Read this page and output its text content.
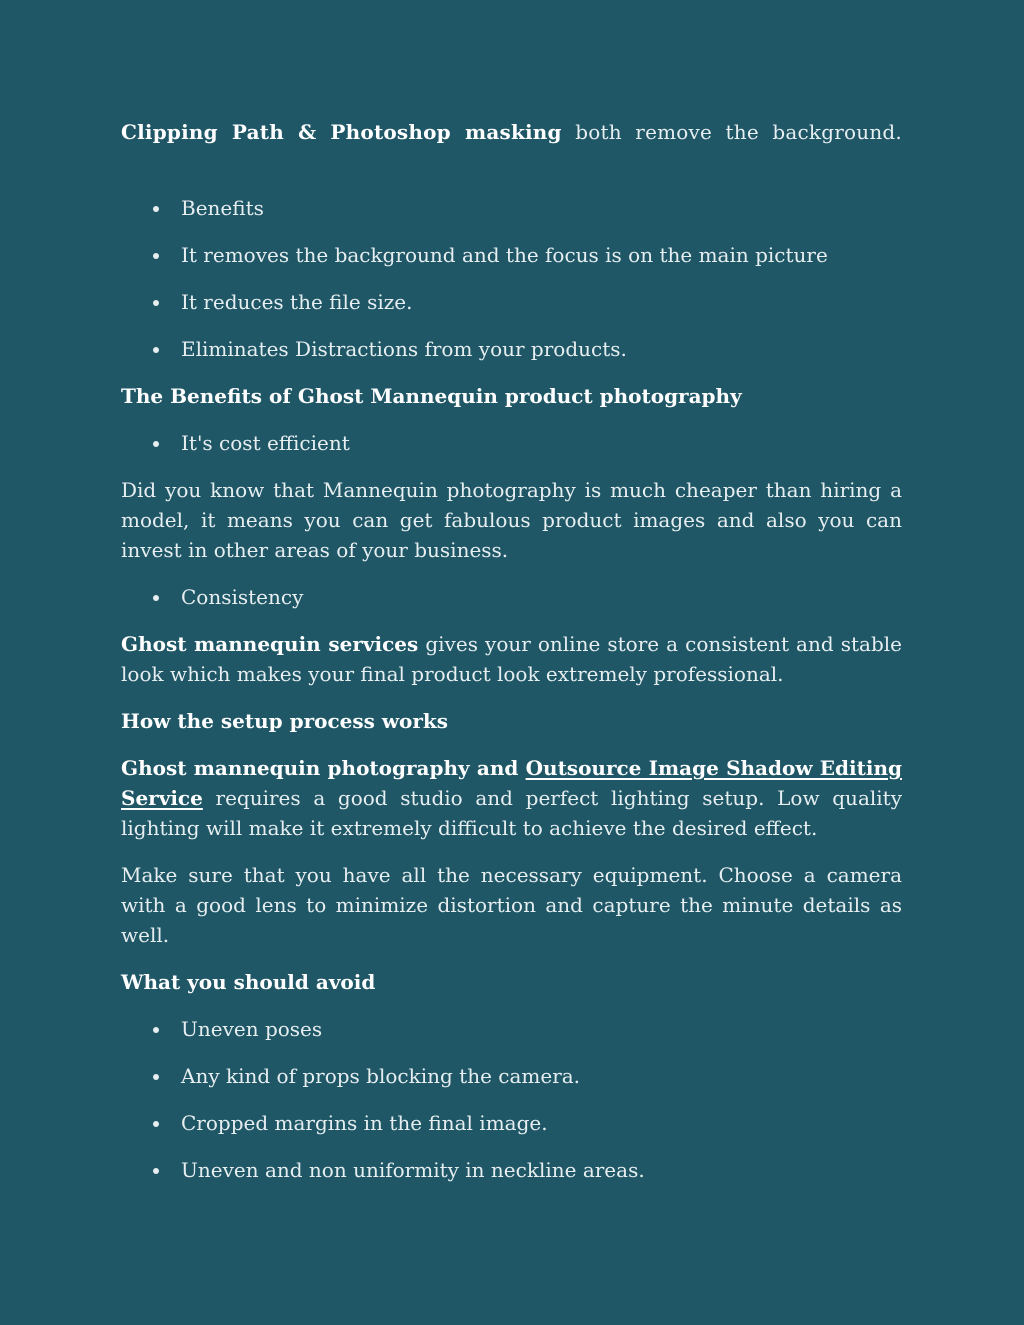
Clipping Path & Photoshop masking both remove the background.

Benefits
It removes the background and the focus is on the main picture
It reduces the file size.
Eliminates Distractions from your products.

The Benefits of Ghost Mannequin product photography

It's cost efficient

Did you know that Mannequin photography is much cheaper than hiring a model, it means you can get fabulous product images and also you can invest in other areas of your business.

Consistency

Ghost mannequin services gives your online store a consistent and stable look which makes your final product look extremely professional.

How the setup process works

Ghost mannequin photography and Outsource Image Shadow Editing Service requires a good studio and perfect lighting setup. Low quality lighting will make it extremely difficult to achieve the desired effect.

Make sure that you have all the necessary equipment. Choose a camera with a good lens to minimize distortion and capture the minute details as well.

What you should avoid

Uneven poses
Any kind of props blocking the camera.
Cropped margins in the final image.
Uneven and non uniformity in neckline areas.
